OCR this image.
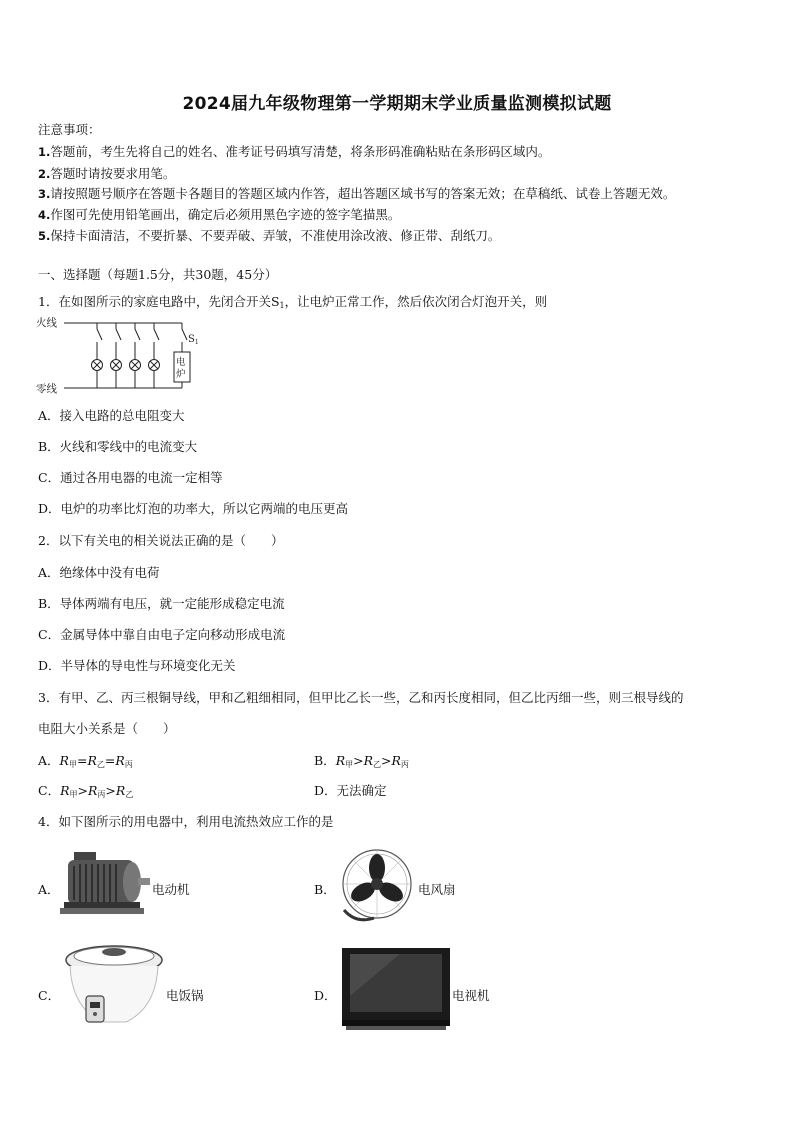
2024届九年级物理第一学期期末学业质量监测模拟试题
注意事项：
1.答题前，考生先将自己的姓名、准考证号码填写清楚，将条形码准确粘贴在条形码区域内。
2.答题时请按要求用笔。
3.请按照题号顺序在答题卡各题目的答题区域内作答，超出答题区域书写的答案无效；在草稿纸、试卷上答题无效。
4.作图可先使用铅笔画出，确定后必须用黑色字迹的签字笔描黑。
5.保持卡面清洁，不要折暴、不要弄破、弄皱，不准使用涂改液、修正带、刮纸刀。
一、选择题（每题1.5分，共30题，45分）
1．在如图所示的家庭电路中，先闭合开关$S_1$，让电炉正常工作，然后依次闭合灯泡开关，则
火线
零线
$S_1$
电
炉
A．接入电路的总电阻变大
B．火线和零线中的电流变大
C．通过各用电器的电流一定相等
D．电炉的功率比灯泡的功率大，所以它两端的电压更高
2．以下有关电的相关说法正确的是（　　）
A．绝缘体中没有电荷
B．导体两端有电压，就一定能形成稳定电流
C．金属导体中靠自由电子定向移动形成电流
D．半导体的导电性与环境变化无关
3．有甲、乙、丙三根铜导线，甲和乙粗细相同，但甲比乙长一些，乙和丙长度相同，但乙比丙细一些，则三根导线的
电阻大小关系是（　　）
A．$R_甲=R_乙=R_丙$	B．$R_甲>R_乙>R_丙$
C．$R_甲>R_丙>R_乙$	D．无法确定
4．如下图所示的用电器中，利用电流热效应工作的是
A．	电动机	B．	电风扇
C．	电饭锅	D．	电视机
